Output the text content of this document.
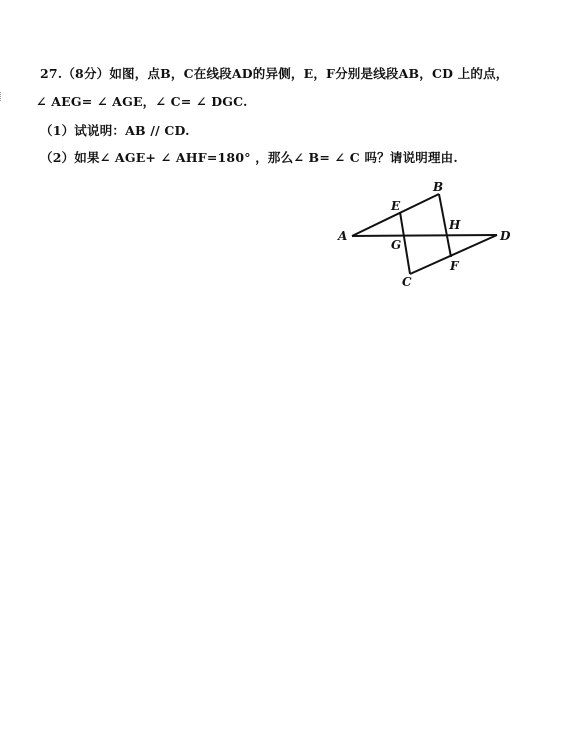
27.（8分）如图，点B，C在线段AD的异侧，E，F分别是线段AB，CD 上的点，
∠ AEG= ∠ AGE，∠ C= ∠ DGC.
（1）试说明：AB // CD.
（2）如果∠ AGE+ ∠ AHF=180° ，那么∠ B= ∠ C 吗？请说明理由.
A
B
C
D
E
F
G
H
